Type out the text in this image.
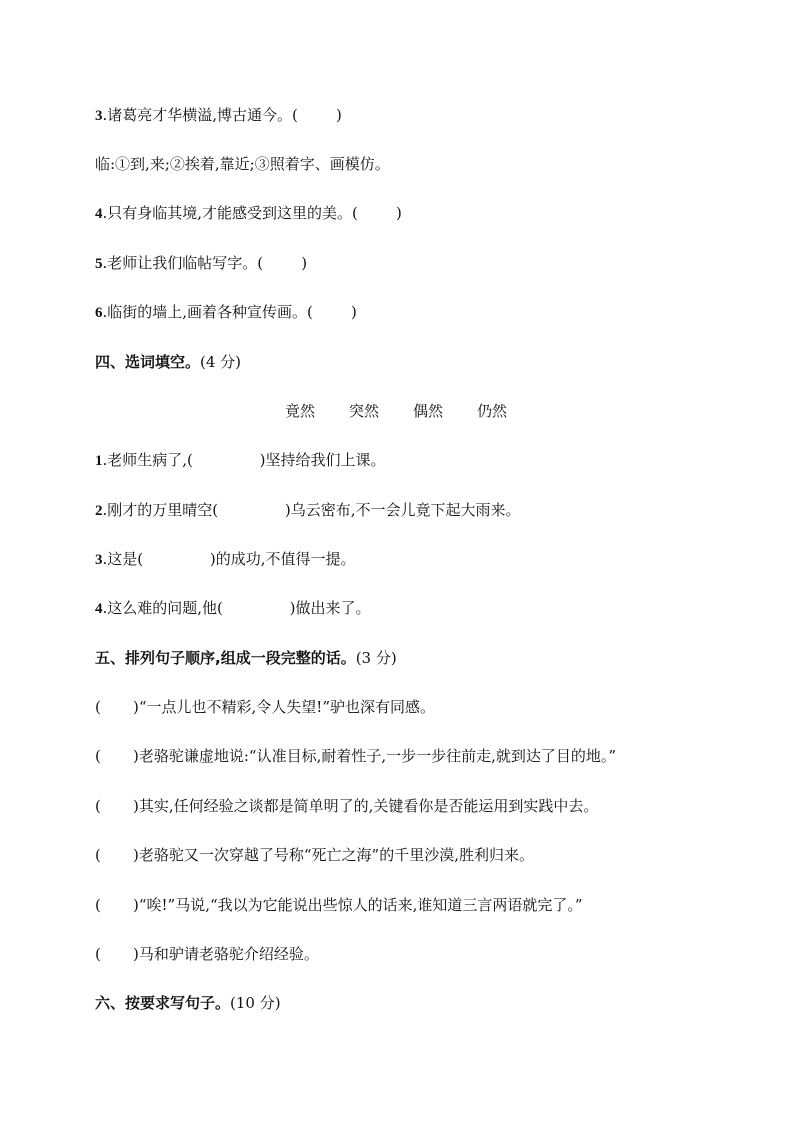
3.诸葛亮才华横溢,博古通今。(        )
临:①到,来;②挨着,靠近;③照着字、画模仿。
4.只有身临其境,才能感受到这里的美。(        )
5.老师让我们临帖写字。(        )
6.临街的墙上,画着各种宣传画。(        )
四、选词填空。(4 分)
竟然	突然	偶然	仍然
1.老师生病了,(              )坚持给我们上课。
2.刚才的万里晴空(              )乌云密布,不一会儿竟下起大雨来。
3.这是(              )的成功,不值得一提。
4.这么难的问题,他(              )做出来了。
五、排列句子顺序,组成一段完整的话。(3 分)
( )“一点儿也不精彩,令人失望!”驴也深有同感。
( )老骆驼谦虚地说:“认准目标,耐着性子,一步一步往前走,就到达了目的地。”
( )其实,任何经验之谈都是简单明了的,关键看你是否能运用到实践中去。
( )老骆驼又一次穿越了号称“死亡之海”的千里沙漠,胜利归来。
( )“唉!”马说,“我以为它能说出些惊人的话来,谁知道三言两语就完了。”
( )马和驴请老骆驼介绍经验。
六、按要求写句子。(10 分)
